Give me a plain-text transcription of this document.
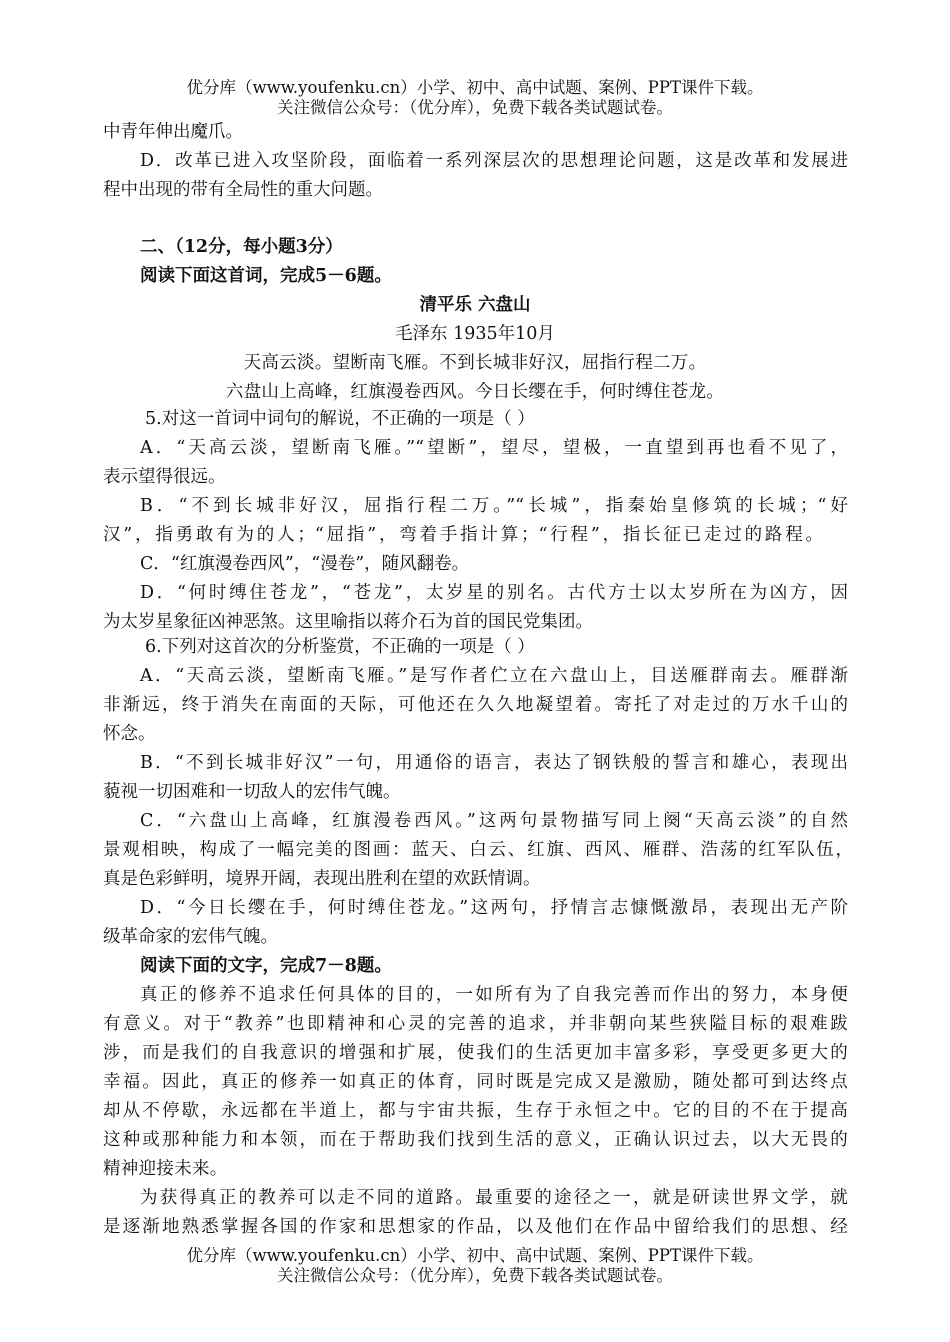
优分库（www.youfenku.cn）小学、初中、高中试题、案例、PPT课件下载。
关注微信公众号：（优分库），免费下载各类试题试卷。
中青年伸出魔爪。
D．改革已进入攻坚阶段，面临着一系列深层次的思想理论问题，这是改革和发展进
程中出现的带有全局性的重大问题。
二、（12分，每小题3分）
阅读下面这首词，完成5－6题。
清平乐 六盘山
毛泽东 1935年10月
天高云淡。望断南飞雁。不到长城非好汉，屈指行程二万。
六盘山上高峰，红旗漫卷西风。今日长缨在手，何时缚住苍龙。
5.对这一首词中词句的解说，不正确的一项是（ ）
A．“天高云淡，望断南飞雁。”“望断”，望尽，望极，一直望到再也看不见了，
表示望得很远。
B．“不到长城非好汉，屈指行程二万。”“长城”，指秦始皇修筑的长城；“好
汉”，指勇敢有为的人；“屈指”，弯着手指计算；“行程”，指长征已走过的路程。
C．“红旗漫卷西风”，“漫卷”，随风翻卷。
D．“何时缚住苍龙”，“苍龙”，太岁星的别名。古代方士以太岁所在为凶方，因
为太岁星象征凶神恶煞。这里喻指以蒋介石为首的国民党集团。
6.下列对这首次的分析鉴赏，不正确的一项是（ ）
A．“天高云淡，望断南飞雁。”是写作者伫立在六盘山上，目送雁群南去。雁群渐
非渐远，终于消失在南面的天际，可他还在久久地凝望着。寄托了对走过的万水千山的
怀念。
B．“不到长城非好汉”一句，用通俗的语言，表达了钢铁般的誓言和雄心，表现出
藐视一切困难和一切敌人的宏伟气魄。
C．“六盘山上高峰，红旗漫卷西风。”这两句景物描写同上阕“天高云淡”的自然
景观相映，构成了一幅完美的图画：蓝天、白云、红旗、西风、雁群、浩荡的红军队伍，
真是色彩鲜明，境界开阔，表现出胜利在望的欢跃情调。
D．“今日长缨在手，何时缚住苍龙。”这两句，抒情言志慷慨激昂，表现出无产阶
级革命家的宏伟气魄。
阅读下面的文字，完成7－8题。
真正的修养不追求任何具体的目的，一如所有为了自我完善而作出的努力，本身便
有意义。对于“教养”也即精神和心灵的完善的追求，并非朝向某些狭隘目标的艰难跋
涉，而是我们的自我意识的增强和扩展，使我们的生活更加丰富多彩，享受更多更大的
幸福。因此，真正的修养一如真正的体育，同时既是完成又是激励，随处都可到达终点
却从不停歇，永远都在半道上，都与宇宙共振，生存于永恒之中。它的目的不在于提高
这种或那种能力和本领，而在于帮助我们找到生活的意义，正确认识过去，以大无畏的
精神迎接未来。
为获得真正的教养可以走不同的道路。最重要的途径之一，就是研读世界文学，就
是逐渐地熟悉掌握各国的作家和思想家的作品，以及他们在作品中留给我们的思想、经
优分库（www.youfenku.cn）小学、初中、高中试题、案例、PPT课件下载。
关注微信公众号：（优分库），免费下载各类试题试卷。
